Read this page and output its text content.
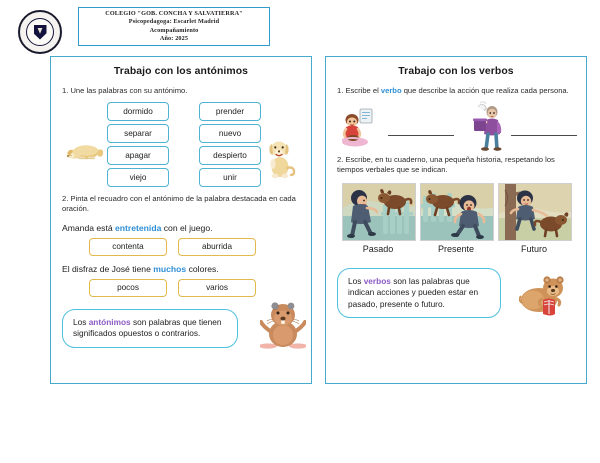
COLEGIO "GOB. CONCHA Y SALVATIERRA"
Psicopedagoga: Escarlet Madrid
Acompañamiento
Año: 2025
Trabajo con los antónimos
1. Une las palabras con su antónimo.
dormido
separar
apagar
viejo
prender
nuevo
despierto
unir
2. Pinta el recuadro con el antónimo de la palabra destacada en cada oración.
Amanda está entretenida con el juego.
contenta	aburrida
El disfraz de José tiene muchos colores.
pocos	varios
Los antónimos son palabras que tienen significados opuestos o contrarios.
Trabajo con los verbos
1. Escribe el verbo que describe la acción que realiza cada persona.
2. Escribe, en tu cuaderno, una pequeña historia, respetando los tiempos verbales que se indican.
Pasado	Presente	Futuro
Los verbos son las palabras que indican acciones y pueden estar en pasado, presente o futuro.
